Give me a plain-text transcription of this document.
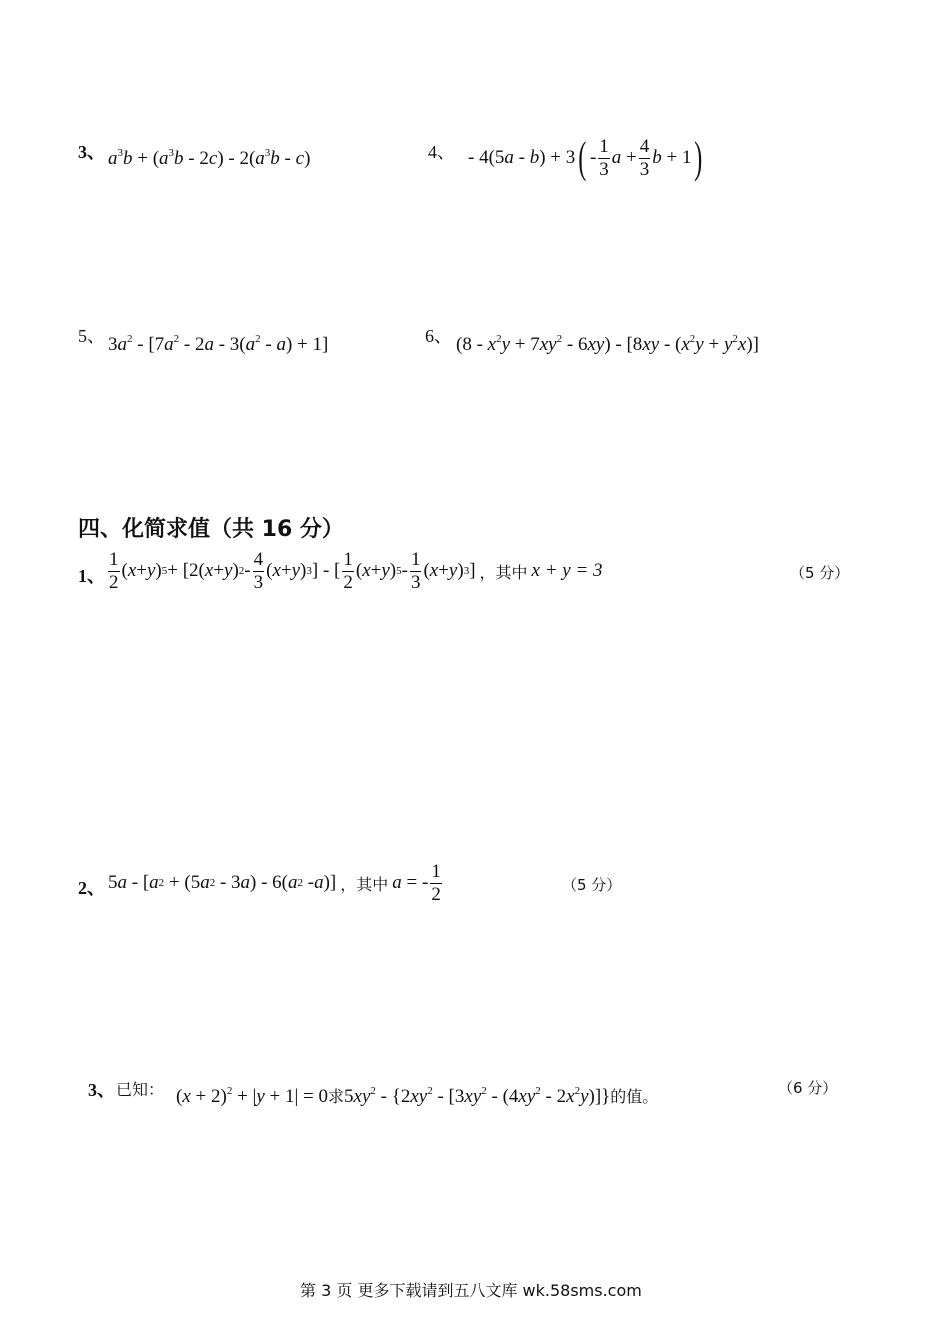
3、 $a^3b + (a^3b - 2c) - 2(a^3b - c)$	4、 - 4(5a - b) + 3 ( - $\frac{1}{3}$ $a + \frac{4}{3}$ b + 1 )
5、 $3a^2 - [7a^2 - 2a - 3(a^2 - a) + 1]$	6、 $(8 - x^2y + 7xy^2 - 6xy) - [8xy - (x^2y + y^2x)]$
四、化简求值（共 16 分）
1、 $\frac{1}{2}$ ( x + y ) 5 + [2( x + y ) $2 - \frac{4}{3}$ ( x + y ) 3 ] - [ $\frac{1}{2}$ ( x + y ) $5 - \frac{1}{3}$ ( x + y ) 3 ] ，其中 x + y = 3	（5 分）
2、 5 a - [ a 2 + (5 a 2 - 3 a ) - 6( a 2 - a )] ，其中 a = - $\frac{1}{2}$	（5 分）
3、 已知： $(x + 2)^2 + |y + 1| = 0$求$5xy^2 - \{2xy^2 - [3xy^2 - (4xy^2 - 2x^2y)]\}$的值。	（6 分）
第 3 页 更多下载请到五八文库 wk.58sms.com
